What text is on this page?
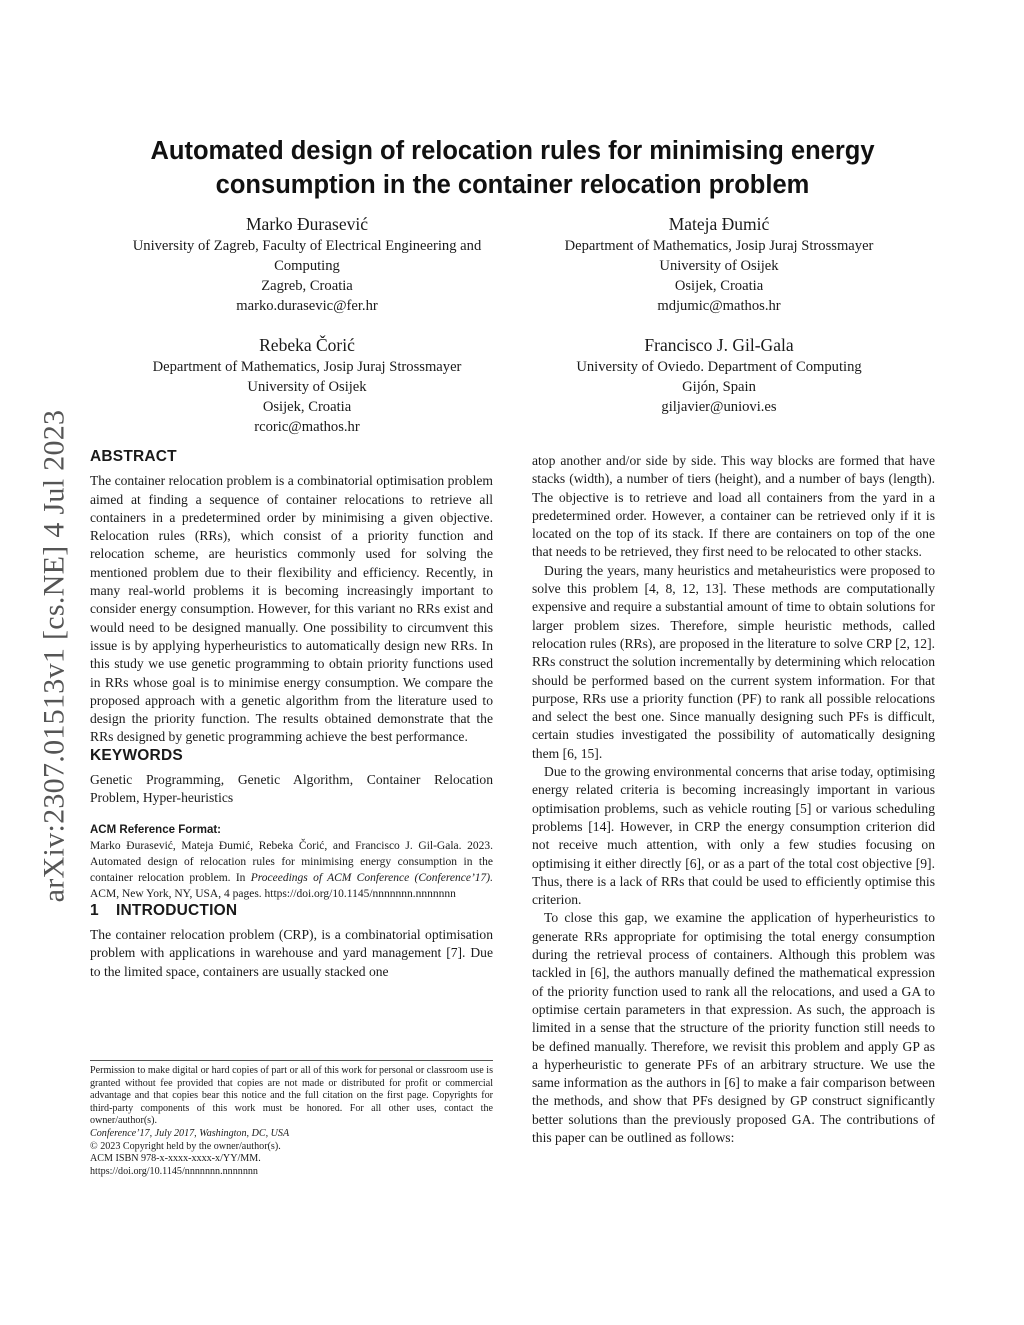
arXiv:2307.01513v1 [cs.NE] 4 Jul 2023
Automated design of relocation rules for minimising energy consumption in the container relocation problem
Marko Đurasević
University of Zagreb, Faculty of Electrical Engineering and
Computing
Zagreb, Croatia
marko.durasevic@fer.hr
Mateja Đumić
Department of Mathematics, Josip Juraj Strossmayer
University of Osijek
Osijek, Croatia
mdjumic@mathos.hr
Rebeka Čorić
Department of Mathematics, Josip Juraj Strossmayer
University of Osijek
Osijek, Croatia
rcoric@mathos.hr
Francisco J. Gil-Gala
University of Oviedo. Department of Computing
Gijón, Spain
giljavier@uniovi.es
ABSTRACT

The container relocation problem is a combinatorial optimisation problem aimed at finding a sequence of container relocations to retrieve all containers in a predetermined order by minimising a given objective. Relocation rules (RRs), which consist of a priority function and relocation scheme, are heuristics commonly used for solving the mentioned problem due to their flexibility and efficiency. Recently, in many real-world problems it is becoming increasingly important to consider energy consumption. However, for this variant no RRs exist and would need to be designed manually. One possibility to circumvent this issue is by applying hyperheuristics to automatically design new RRs. In this study we use genetic programming to obtain priority functions used in RRs whose goal is to minimise energy consumption. We compare the proposed approach with a genetic algorithm from the literature used to design the priority function. The results obtained demonstrate that the RRs designed by genetic programming achieve the best performance.

KEYWORDS

Genetic Programming, Genetic Algorithm, Container Relocation Problem, Hyper-heuristics

ACM Reference Format:

Marko Đurasević, Mateja Đumić, Rebeka Čorić, and Francisco J. Gil-Gala. 2023. Automated design of relocation rules for minimising energy consumption in the container relocation problem. In Proceedings of ACM Conference (Conference’17). ACM, New York, NY, USA, 4 pages. https://doi.org/10.1145/nnnnnnn.nnnnnnn

1 INTRODUCTION

The container relocation problem (CRP), is a combinatorial optimisation problem with applications in warehouse and yard management [7]. Due to the limited space, containers are usually stacked one

Permission to make digital or hard copies of part or all of this work for personal or classroom use is granted without fee provided that copies are not made or distributed for profit or commercial advantage and that copies bear this notice and the full citation on the first page. Copyrights for third-party components of this work must be honored. For all other uses, contact the owner/author(s).

Conference’17, July 2017, Washington, DC, USA
© 2023 Copyright held by the owner/author(s).
ACM ISBN 978-x-xxxx-xxxx-x/YY/MM.
https://doi.org/10.1145/nnnnnnn.nnnnnnn

atop another and/or side by side. This way blocks are formed that have stacks (width), a number of tiers (height), and a number of bays (length). The objective is to retrieve and load all containers from the yard in a predetermined order. However, a container can be retrieved only if it is located on the top of its stack. If there are containers on top of the one that needs to be retrieved, they first need to be relocated to other stacks.

During the years, many heuristics and metaheuristics were proposed to solve this problem [4, 8, 12, 13]. These methods are computationally expensive and require a substantial amount of time to obtain solutions for larger problem sizes. Therefore, simple heuristic methods, called relocation rules (RRs), are proposed in the literature to solve CRP [2, 12]. RRs construct the solution incrementally by determining which relocation should be performed based on the current system information. For that purpose, RRs use a priority function (PF) to rank all possible relocations and select the best one. Since manually designing such PFs is difficult, certain studies investigated the possibility of automatically designing them [6, 15].

Due to the growing environmental concerns that arise today, optimising energy related criteria is becoming increasingly important in various optimisation problems, such as vehicle routing [5] or various scheduling problems [14]. However, in CRP the energy consumption criterion did not receive much attention, with only a few studies focusing on optimising it either directly [6], or as a part of the total cost objective [9]. Thus, there is a lack of RRs that could be used to efficiently optimise this criterion.

To close this gap, we examine the application of hyperheuristics to generate RRs appropriate for optimising the total energy consumption during the retrieval process of containers. Although this problem was tackled in [6], the authors manually defined the mathematical expression of the priority function used to rank all the relocations, and used a GA to optimise certain parameters in that expression. As such, the approach is limited in a sense that the structure of the priority function still needs to be defined manually. Therefore, we revisit this problem and apply GP as a hyperheuristic to generate PFs of an arbitrary structure. We use the same information as the authors in [6] to make a fair comparison between the methods, and show that PFs designed by GP construct significantly better solutions than the previously proposed GA. The contributions of this paper can be outlined as follows:
